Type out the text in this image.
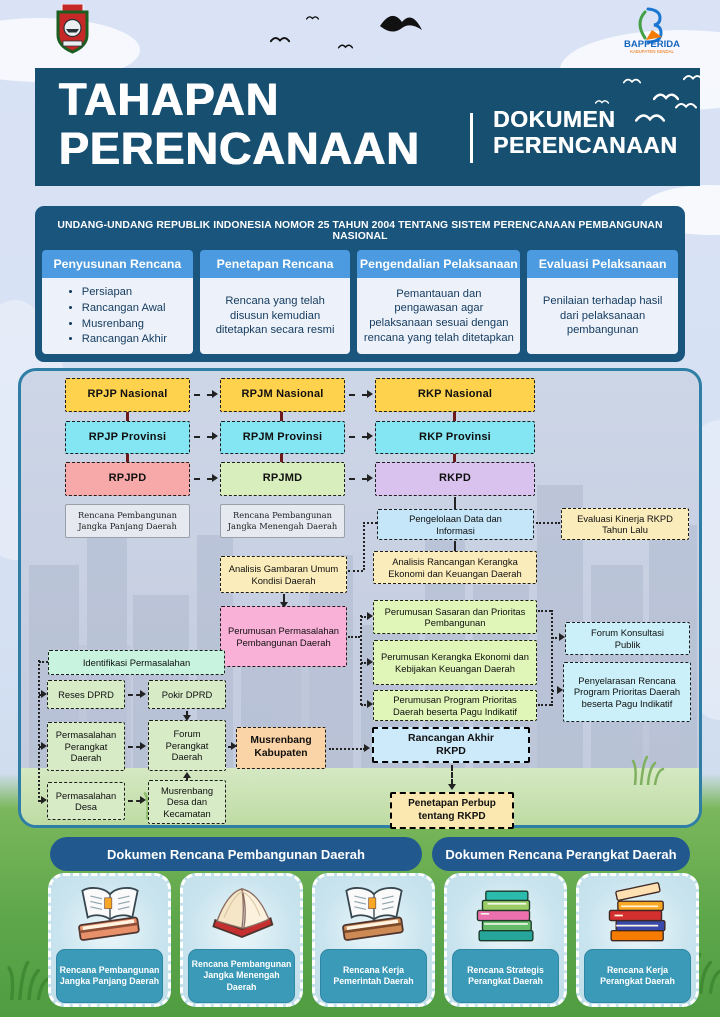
BAPPERIDA
KABUPATEN KENDAL
TAHAPAN
PERENCANAAN
DOKUMEN
PERENCANAAN
UNDANG-UNDANG REPUBLIK INDONESIA NOMOR 25 TAHUN 2004 TENTANG SISTEM PERENCANAAN PEMBANGUNAN NASIONAL
Penyusunan Rencana
• Persiapan
• Rancangan Awal
• Musrenbang
• Rancangan Akhir
Penetapan Rencana
Rencana yang telah disusun kemudian ditetapkan secara resmi
Pengendalian Pelaksanaan
Pemantauan dan pengawasan agar pelaksanaan sesuai dengan rencana yang telah ditetapkan
Evaluasi Pelaksanaan
Penilaian terhadap hasil dari pelaksanaan pembangunan
RPJP Nasional	RPJM Nasional	RKP Nasional
RPJP Provinsi	RPJM Provinsi	RKP Provinsi
RPJPD	RPJMD	RKPD
Rencana Pembangunan Jangka Panjang Daerah
Rencana Pembangunan Jangka Menengah Daerah
Pengelolaan Data dan Informasi
Evaluasi Kinerja RKPD Tahun Lalu
Analisis Rancangan Kerangka Ekonomi dan Keuangan Daerah
Analisis Gambaran Umum Kondisi Daerah
Perumusan Permasalahan Pembangunan Daerah
Perumusan Sasaran dan Prioritas Pembangunan
Perumusan Kerangka Ekonomi dan Kebijakan Keuangan Daerah
Perumusan Program Prioritas Daerah beserta Pagu Indikatif
Forum Konsultasi Publik
Penyelarasan Rencana Program Prioritas Daerah beserta Pagu Indikatif
Identifikasi Permasalahan
Reses DPRD	Pokir DPRD
Permasalahan Perangkat Daerah
Forum Perangkat Daerah
Permasalahan Desa
Musrenbang Desa dan Kecamatan
Musrenbang Kabupaten
Rancangan Akhir RKPD
Penetapan Perbup tentang RKPD
Dokumen Rencana Pembangunan Daerah	Dokumen Rencana Perangkat Daerah
Rencana Pembangunan Jangka Panjang Daerah
Rencana Pembangunan Jangka Menengah Daerah
Rencana Kerja Pemerintah Daerah
Rencana Strategis Perangkat Daerah
Rencana Kerja Perangkat Daerah
